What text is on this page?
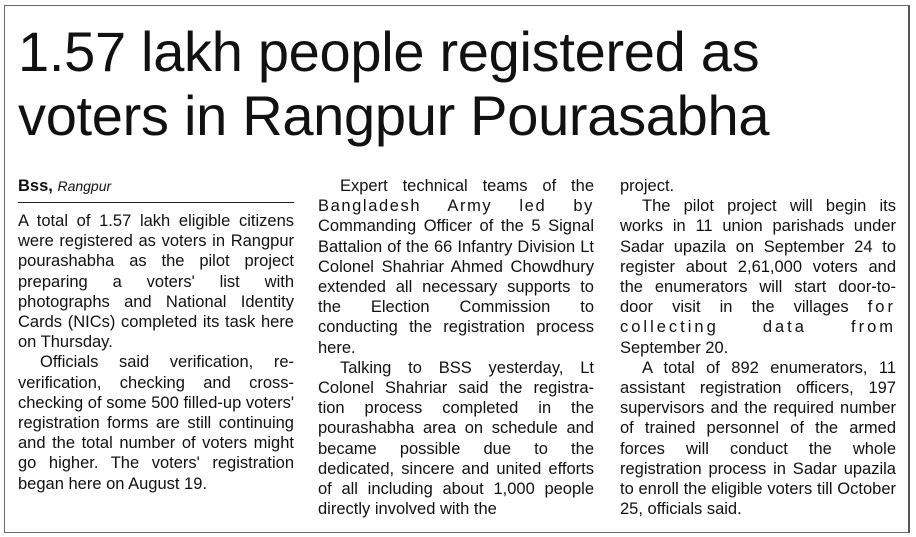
1.57 lakh people registered as
voters in Rangpur Pourasabha
Bss, Rangpur

A total of 1.57 lakh eligible citizens were registered as voters in Rangpur pourashabha as the pilot project preparing a voters' list with photographs and National Identity Cards (NICs) completed its task here on Thursday.

Officials said verification, re-verification, checking and cross-checking of some 500 filled-up voters' registration forms are still continuing and the total number of voters might go higher. The voters' registration began here on August 19.

Expert technical teams of the Bangladesh Army led by Commanding Officer of the 5 Signal Battalion of the 66 Infantry Division Lt Colonel Shahriar Ahmed Chowdhury extended all necessary supports to the Election Commission to conducting the registration process here.

Talking to BSS yesterday, Lt Colonel Shahriar said the registra-tion process completed in the pourashabha area on schedule and became possible due to the dedicated, sincere and united efforts of all including about 1,000 people directly involved with the

project.

The pilot project will begin its works in 11 union parishads under Sadar upazila on September 24 to register about 2,61,000 voters and the enumerators will start door-to-door visit in the villages for collecting data from September 20.

A total of 892 enumerators, 11 assistant registration officers, 197 supervisors and the required number of trained personnel of the armed forces will conduct the whole registration process in Sadar upazila to enroll the eligible voters till October 25, officials said.
